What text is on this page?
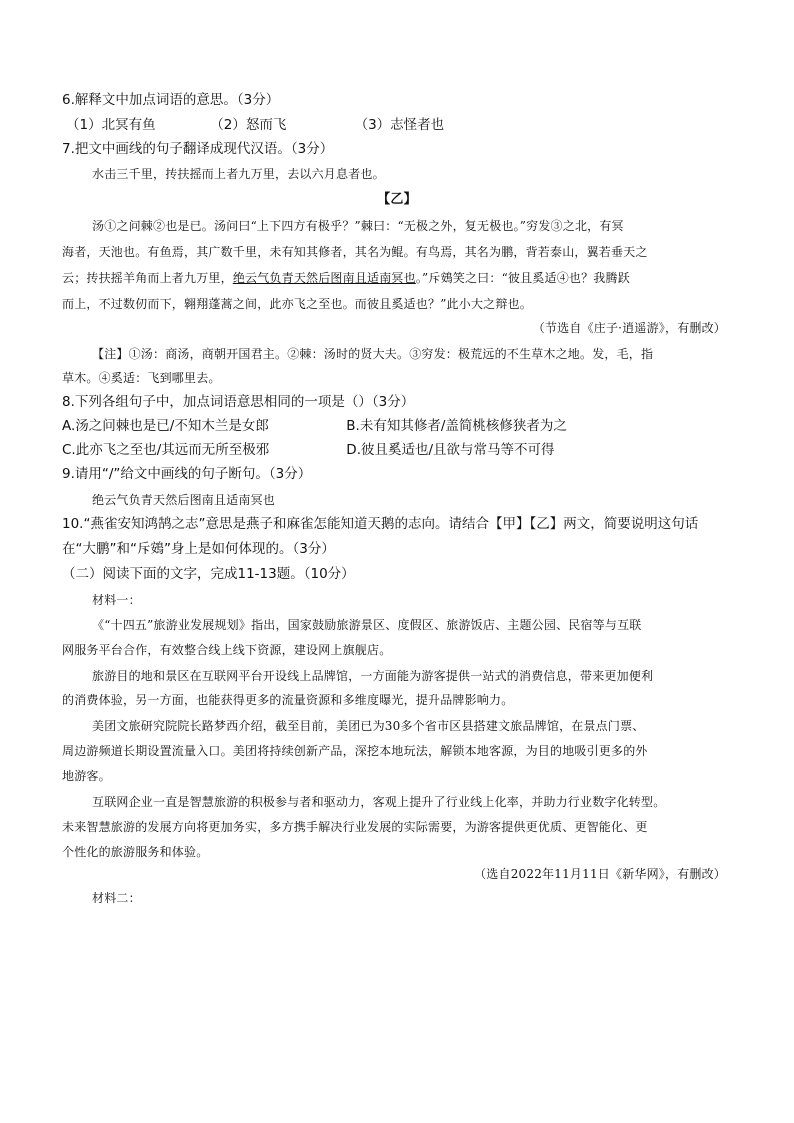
6.解释文中加点词语的意思。（3分）
（1）北冥有鱼	（2）怒而飞	（3）志怪者也
7.把文中画线的句子翻译成现代汉语。（3分）
水击三千里，抟扶摇而上者九万里，去以六月息者也。
【乙】
汤①之问棘②也是已。汤问曰“上下四方有极乎？”棘曰：“无极之外，复无极也。”穷发③之北，有冥
海者，天池也。有鱼焉，其广数千里，未有知其修者，其名为鲲。有鸟焉，其名为鹏，背若泰山，翼若垂天之
云；抟扶摇羊角而上者九万里，绝云气负青天然后图南且适南冥也。”斥鴳笑之曰：“彼且奚适④也？我腾跃
而上，不过数仞而下，翱翔蓬蒿之间，此亦飞之至也。而彼且奚适也？”此小大之辩也。
（节选自《庄子·逍遥游》，有删改）
【注】①汤：商汤，商朝开国君主。②棘：汤时的贤大夫。③穷发：极荒远的不生草木之地。发，毛，指
草木。④奚适：飞到哪里去。
8.下列各组句子中，加点词语意思相同的一项是（）（3分）
A.汤之问棘也是已/不知木兰是女郎	B.未有知其修者/盖简桃核修狭者为之
C.此亦飞之至也/其远而无所至极邪	D.彼且奚适也/且欲与常马等不可得
9.请用“/”给文中画线的句子断句。（3分）
绝云气负青天然后图南且适南冥也
10.“燕雀安知鸿鹄之志”意思是燕子和麻雀怎能知道天鹅的志向。请结合【甲】【乙】两文，简要说明这句话
在“大鹏”和“斥鴳”身上是如何体现的。（3分）
（二）阅读下面的文字，完成11-13题。（10分）
材料一：
《“十四五”旅游业发展规划》指出，国家鼓励旅游景区、度假区、旅游饭店、主题公园、民宿等与互联
网服务平台合作，有效整合线上线下资源，建设网上旗舰店。
旅游目的地和景区在互联网平台开设线上品牌馆，一方面能为游客提供一站式的消费信息，带来更加便利
的消费体验，另一方面，也能获得更多的流量资源和多维度曝光，提升品牌影响力。
美团文旅研究院院长路梦西介绍，截至目前，美团已为30多个省市区县搭建文旅品牌馆，在景点门票、
周边游频道长期设置流量入口。美团将持续创新产品，深挖本地玩法，解锁本地客源，为目的地吸引更多的外
地游客。
互联网企业一直是智慧旅游的积极参与者和驱动力，客观上提升了行业线上化率，并助力行业数字化转型。
未来智慧旅游的发展方向将更加务实，多方携手解决行业发展的实际需要，为游客提供更优质、更智能化、更
个性化的旅游服务和体验。
（选自2022年11月11日《新华网》，有删改）
材料二：
